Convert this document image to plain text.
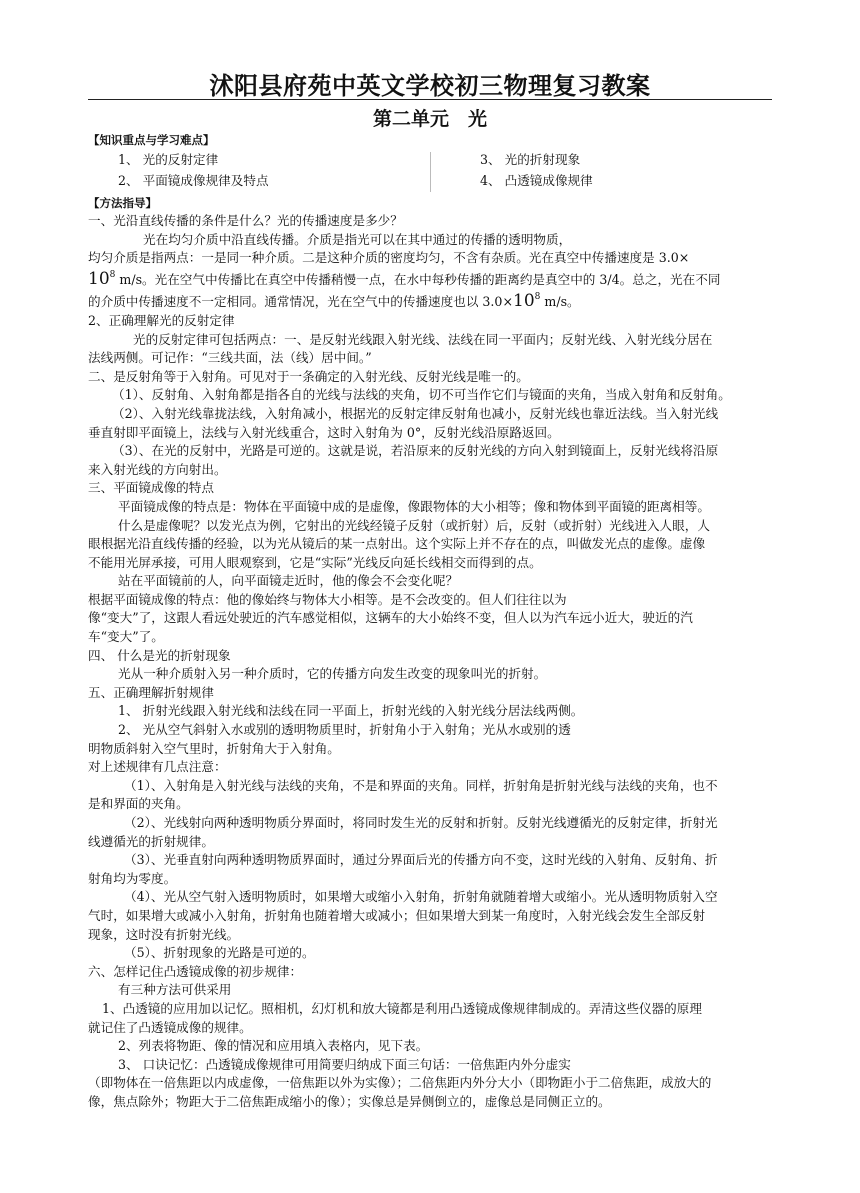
沭阳县府苑中英文学校初三物理复习教案
第二单元　光
【知识重点与学习难点】
1、 光的反射定律	3、 光的折射现象
2、 平面镜成像规律及特点	4、 凸透镜成像规律
【方法指导】
一、光沿直线传播的条件是什么？光的传播速度是多少？
光在均匀介质中沿直线传播。介质是指光可以在其中通过的传播的透明物质，
均匀介质是指两点：一是同一种介质。二是这种介质的密度均匀，不含有杂质。光在真空中传播速度是 3.0×
$10^8$ m/s。光在空气中传播比在真空中传播稍慢一点，在水中每秒传播的距离约是真空中的 3/4。总之，光在不同
的介质中传播速度不一定相同。通常情况，光在空气中的传播速度也以 $3.0\times 10^8$ m/s。
2、正确理解光的反射定律
光的反射定律可包括两点：一、是反射光线跟入射光线、法线在同一平面内；反射光线、入射光线分居在
法线两侧。可记作：“三线共面，法（线）居中间。”
二、是反射角等于入射角。可见对于一条确定的入射光线、反射光线是唯一的。
（1）、反射角、入射角都是指各自的光线与法线的夹角，切不可当作它们与镜面的夹角，当成入射角和反射角。
（2）、入射光线靠拢法线，入射角减小，根据光的反射定律反射角也减小，反射光线也靠近法线。当入射光线
垂直射即平面镜上，法线与入射光线重合，这时入射角为 0°，反射光线沿原路返回。
（3）、在光的反射中，光路是可逆的。这就是说，若沿原来的反射光线的方向入射到镜面上，反射光线将沿原
来入射光线的方向射出。
三、平面镜成像的特点
平面镜成像的特点是：物体在平面镜中成的是虚像，像跟物体的大小相等；像和物体到平面镜的距离相等。
什么是虚像呢？以发光点为例，它射出的光线经镜子反射（或折射）后，反射（或折射）光线进入人眼，人
眼根据光沿直线传播的经验，以为光从镜后的某一点射出。这个实际上并不存在的点，叫做发光点的虚像。虚像
不能用光屏承接，可用人眼观察到，它是“实际”光线反向延长线相交而得到的点。
站在平面镜前的人，向平面镜走近时，他的像会不会变化呢？
根据平面镜成像的特点：他的像始终与物体大小相等。是不会改变的。但人们往往以为
像“变大”了，这跟人看远处驶近的汽车感觉相似，这辆车的大小始终不变，但人以为汽车远小近大，驶近的汽
车“变大”了。
四、 什么是光的折射现象
光从一种介质射入另一种介质时，它的传播方向发生改变的现象叫光的折射。
五、正确理解折射规律
1、 折射光线跟入射光线和法线在同一平面上，折射光线的入射光线分居法线两侧。
2、 光从空气斜射入水或别的透明物质里时，折射角小于入射角；光从水或别的透
明物质斜射入空气里时，折射角大于入射角。
对上述规律有几点注意：
（1）、入射角是入射光线与法线的夹角，不是和界面的夹角。同样，折射角是折射光线与法线的夹角，也不
是和界面的夹角。
（2）、光线射向两种透明物质分界面时，将同时发生光的反射和折射。反射光线遵循光的反射定律，折射光
线遵循光的折射规律。
（3）、光垂直射向两种透明物质界面时，通过分界面后光的传播方向不变，这时光线的入射角、反射角、折
射角均为零度。
（4）、光从空气射入透明物质时，如果增大或缩小入射角，折射角就随着增大或缩小。光从透明物质射入空
气时，如果增大或减小入射角，折射角也随着增大或减小；但如果增大到某一角度时，入射光线会发生全部反射
现象，这时没有折射光线。
（5）、折射现象的光路是可逆的。
六、怎样记住凸透镜成像的初步规律：
有三种方法可供采用
1、凸透镜的应用加以记忆。照相机，幻灯机和放大镜都是利用凸透镜成像规律制成的。弄清这些仪器的原理
就记住了凸透镜成像的规律。
2、列表将物距、像的情况和应用填入表格内，见下表。
3、 口诀记忆：凸透镜成像规律可用简要归纳成下面三句话：一倍焦距内外分虚实
（即物体在一倍焦距以内成虚像，一倍焦距以外为实像）；二倍焦距内外分大小（即物距小于二倍焦距，成放大的
像，焦点除外；物距大于二倍焦距成缩小的像）；实像总是异侧倒立的，虚像总是同侧正立的。
